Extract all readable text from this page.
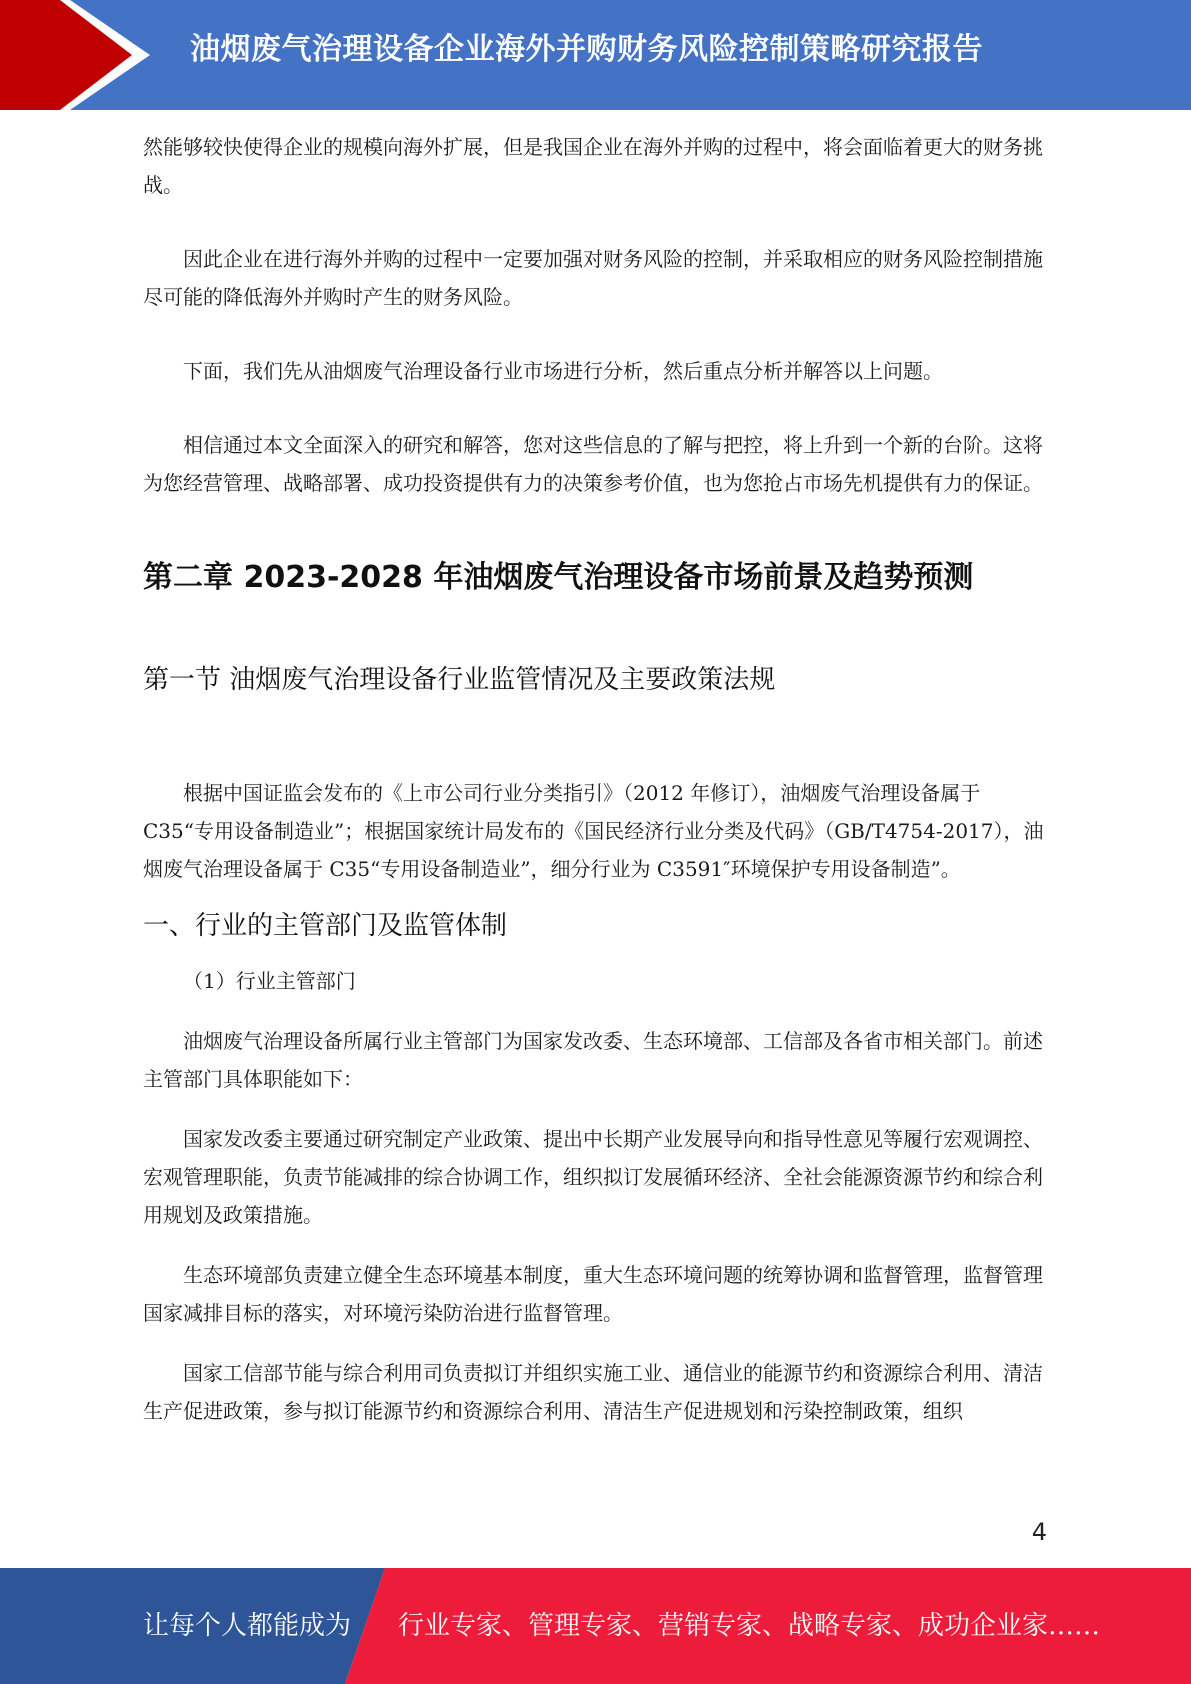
油烟废气治理设备企业海外并购财务风险控制策略研究报告

然能够较快使得企业的规模向海外扩展，但是我国企业在海外并购的过程中，将会面临着更大的财务挑战。

因此企业在进行海外并购的过程中一定要加强对财务风险的控制，并采取相应的财务风险控制措施尽可能的降低海外并购时产生的财务风险。

下面，我们先从油烟废气治理设备行业市场进行分析，然后重点分析并解答以上问题。

相信通过本文全面深入的研究和解答，您对这些信息的了解与把控，将上升到一个新的台阶。这将为您经营管理、战略部署、成功投资提供有力的决策参考价值，也为您抢占市场先机提供有力的保证。

第二章 2023-2028 年油烟废气治理设备市场前景及趋势预测
第一节 油烟废气治理设备行业监管情况及主要政策法规

根据中国证监会发布的《上市公司行业分类指引》（2012 年修订），油烟废气治理设备属于C35“专用设备制造业”；根据国家统计局发布的《国民经济行业分类及代码》（GB/T4754-2017），油烟废气治理设备属于 C35“专用设备制造业”，细分行业为 C3591″环境保护专用设备制造”。

一、行业的主管部门及监管体制
（1）行业主管部门

油烟废气治理设备所属行业主管部门为国家发改委、生态环境部、工信部及各省市相关部门。前述主管部门具体职能如下：

国家发改委主要通过研究制定产业政策、提出中长期产业发展导向和指导性意见等履行宏观调控、宏观管理职能，负责节能减排的综合协调工作，组织拟订发展循环经济、全社会能源资源节约和综合利用规划及政策措施。

生态环境部负责建立健全生态环境基本制度，重大生态环境问题的统筹协调和监督管理，监督管理国家减排目标的落实，对环境污染防治进行监督管理。

国家工信部节能与综合利用司负责拟订并组织实施工业、通信业的能源节约和资源综合利用、清洁生产促进政策，参与拟订能源节约和资源综合利用、清洁生产促进规划和污染控制政策，组织

4
让每个人都能成为 行业专家、管理专家、营销专家、战略专家、成功企业家……
